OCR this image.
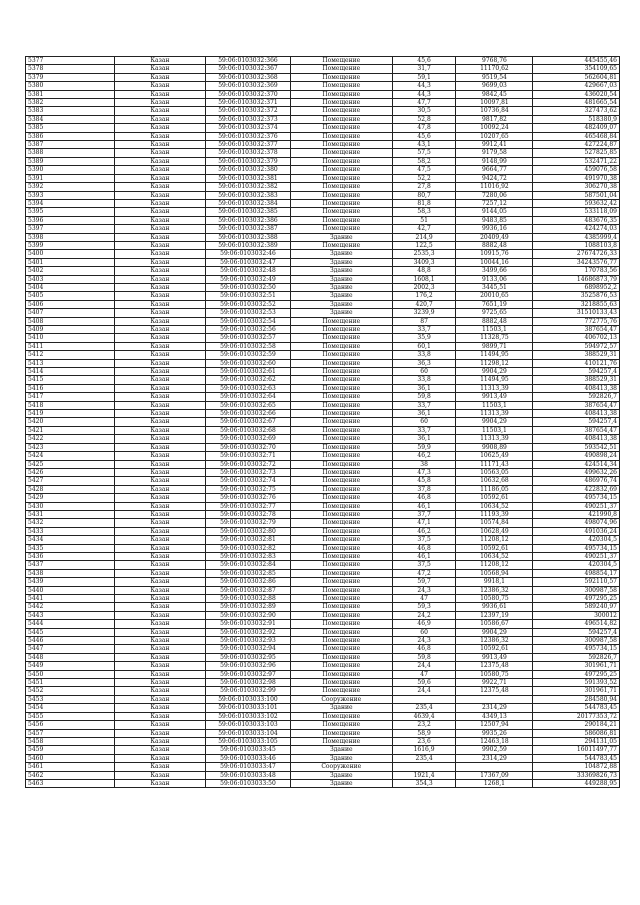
5377	Казан	59:06:0103032:366	Помещение	45,6	9768,76	445455,46
5378	Казан	59:06:0103032:367	Помещение	31,7	11170,62	354109,65
5379	Казан	59:06:0103032:368	Помещение	59,1	9519,54	562604,81
5380	Казан	59:06:0103032:369	Помещение	44,3	9699,03	429667,03
5381	Казан	59:06:0103032:370	Помещение	44,3	9842,45	436020,54
5382	Казан	59:06:0103032:371	Помещение	47,7	10097,81	481665,54
5383	Казан	59:06:0103032:372	Помещение	30,5	10736,84	327473,62
5384	Казан	59:06:0103032:373	Помещение	52,8	9817,82	518380,9
5385	Казан	59:06:0103032:374	Помещение	47,8	10092,24	482409,07
5386	Казан	59:06:0103032:376	Помещение	45,6	10207,65	465468,84
5387	Казан	59:06:0103032:377	Помещение	43,1	9912,41	427224,87
5388	Казан	59:06:0103032:378	Помещение	57,5	9179,58	527825,85
5389	Казан	59:06:0103032:379	Помещение	58,2	9148,99	532471,22
5390	Казан	59:06:0103032:380	Помещение	47,5	9664,77	459076,58
5391	Казан	59:06:0103032:381	Помещение	52,2	9424,72	491970,38
5392	Казан	59:06:0103032:382	Помещение	27,8	11016,92	306270,38
5393	Казан	59:06:0103032:383	Помещение	80,7	7280,06	587501,04
5394	Казан	59:06:0103032:384	Помещение	81,8	7257,12	593632,42
5395	Казан	59:06:0103032:385	Помещение	58,3	9144,05	533118,09
5396	Казан	59:06:0103032:386	Помещение	51	9483,85	483676,35
5397	Казан	59:06:0103032:387	Помещение	42,7	9936,16	424274,03
5398	Казан	59:06:0103032:388	Здание	214,9	20409,49	4385999,4
5399	Казан	59:06:0103032:389	Помещение	122,5	8882,48	1088103,8
5400	Казан	59:06:0103032:46	Здание	2535,3	10915,76	27674726,33
5401	Казан	59:06:0103032:47	Здание	3409,3	10044,16	34243576,77
5402	Казан	59:06:0103032:48	Здание	48,8	3499,66	170783,56
5403	Казан	59:06:0103032:49	Здание	1608,1	9133,06	14686873,79
5404	Казан	59:06:0103032:50	Здание	2002,3	3445,51	6898952,2
5405	Казан	59:06:0103032:51	Здание	176,2	20010,65	3525876,53
5406	Казан	59:06:0103032:52	Здание	420,7	7651,19	3218855,63
5407	Казан	59:06:0103032:53	Здание	3239,9	9725,65	31510133,43
5408	Казан	59:06:0103032:54	Помещение	87	8882,48	772775,76
5409	Казан	59:06:0103032:56	Помещение	33,7	11503,1	387654,47
5410	Казан	59:06:0103032:57	Помещение	35,9	11328,75	406702,13
5411	Казан	59:06:0103032:58	Помещение	60,1	9899,71	594972,57
5412	Казан	59:06:0103032:59	Помещение	33,8	11494,95	388529,31
5413	Казан	59:06:0103032:60	Помещение	36,3	11298,12	410121,76
5414	Казан	59:06:0103032:61	Помещение	60	9904,29	594257,4
5415	Казан	59:06:0103032:62	Помещение	33,8	11494,95	388529,31
5416	Казан	59:06:0103032:63	Помещение	36,1	11313,39	408413,38
5417	Казан	59:06:0103032:64	Помещение	59,8	9913,49	592826,7
5418	Казан	59:06:0103032:65	Помещение	33,7	11503,1	387654,47
5419	Казан	59:06:0103032:66	Помещение	36,1	11313,39	408413,38
5420	Казан	59:06:0103032:67	Помещение	60	9904,29	594257,4
5421	Казан	59:06:0103032:68	Помещение	33,7	11503,1	387654,47
5422	Казан	59:06:0103032:69	Помещение	36,1	11313,39	408413,38
5423	Казан	59:06:0103032:70	Помещение	59,9	9908,89	593542,51
5424	Казан	59:06:0103032:71	Помещение	46,2	10625,49	490898,24
5425	Казан	59:06:0103032:72	Помещение	38	11171,43	424514,34
5426	Казан	59:06:0103032:73	Помещение	47,3	10563,05	499632,26
5427	Казан	59:06:0103032:74	Помещение	45,8	10632,68	486976,74
5428	Казан	59:06:0103032:75	Помещение	37,8	11186,05	422832,69
5429	Казан	59:06:0103032:76	Помещение	46,8	10592,61	495734,15
5430	Казан	59:06:0103032:77	Помещение	46,1	10634,52	490251,37
5431	Казан	59:06:0103032:78	Помещение	37,7	11193,39	421990,8
5432	Казан	59:06:0103032:79	Помещение	47,1	10574,84	498074,96
5433	Казан	59:06:0103032:80	Помещение	46,2	10628,49	491036,24
5434	Казан	59:06:0103032:81	Помещение	37,5	11208,12	420304,5
5435	Казан	59:06:0103032:82	Помещение	46,8	10592,61	495734,15
5436	Казан	59:06:0103032:83	Помещение	46,1	10634,52	490251,37
5437	Казан	59:06:0103032:84	Помещение	37,5	11208,12	420304,5
5438	Казан	59:06:0103032:85	Помещение	47,2	10568,94	498854,17
5439	Казан	59:06:0103032:86	Помещение	59,7	9918,1	592110,57
5440	Казан	59:06:0103032:87	Помещение	24,3	12386,32	300987,58
5441	Казан	59:06:0103032:88	Помещение	47	10580,75	497295,25
5442	Казан	59:06:0103032:89	Помещение	59,3	9936,61	589240,97
5443	Казан	59:06:0103032:90	Помещение	24,2	12397,19	300012
5444	Казан	59:06:0103032:91	Помещение	46,9	10586,67	496514,82
5445	Казан	59:06:0103032:92	Помещение	60	9904,29	594257,4
5446	Казан	59:06:0103032:93	Помещение	24,3	12386,32	300987,58
5447	Казан	59:06:0103032:94	Помещение	46,8	10592,61	495734,15
5448	Казан	59:06:0103032:95	Помещение	59,8	9913,49	592826,7
5449	Казан	59:06:0103032:96	Помещение	24,4	12375,48	301961,71
5450	Казан	59:06:0103032:97	Помещение	47	10580,75	497295,25
5451	Казан	59:06:0103032:98	Помещение	59,6	9922,71	591393,52
5452	Казан	59:06:0103032:99	Помещение	24,4	12375,48	301961,71
5453	Казан	59:06:0103033:100	Сооружение			284580,94
5454	Казан	59:06:0103033:101	Здание	235,4	2314,29	544783,45
5455	Казан	59:06:0103033:102	Помещение	4639,4	4349,13	20177353,72
5456	Казан	59:06:0103033:103	Помещение	23,2	12507,94	290184,21
5457	Казан	59:06:0103033:104	Помещение	58,9	9935,26	586086,81
5458	Казан	59:06:0103033:105	Помещение	23,6	12463,18	294131,05
5459	Казан	59:06:0103033:45	Здание	1616,9	9902,59	16011497,77
5460	Казан	59:06:0103033:46	Здание	235,4	2314,29	544783,45
5461	Казан	59:06:0103033:47	Сооружение			104872,88
5462	Казан	59:06:0103033:48	Здание	1921,4	17367,09	33369826,73
5463	Казан	59:06:0103033:50	Здание	354,3	1268,1	449288,95
